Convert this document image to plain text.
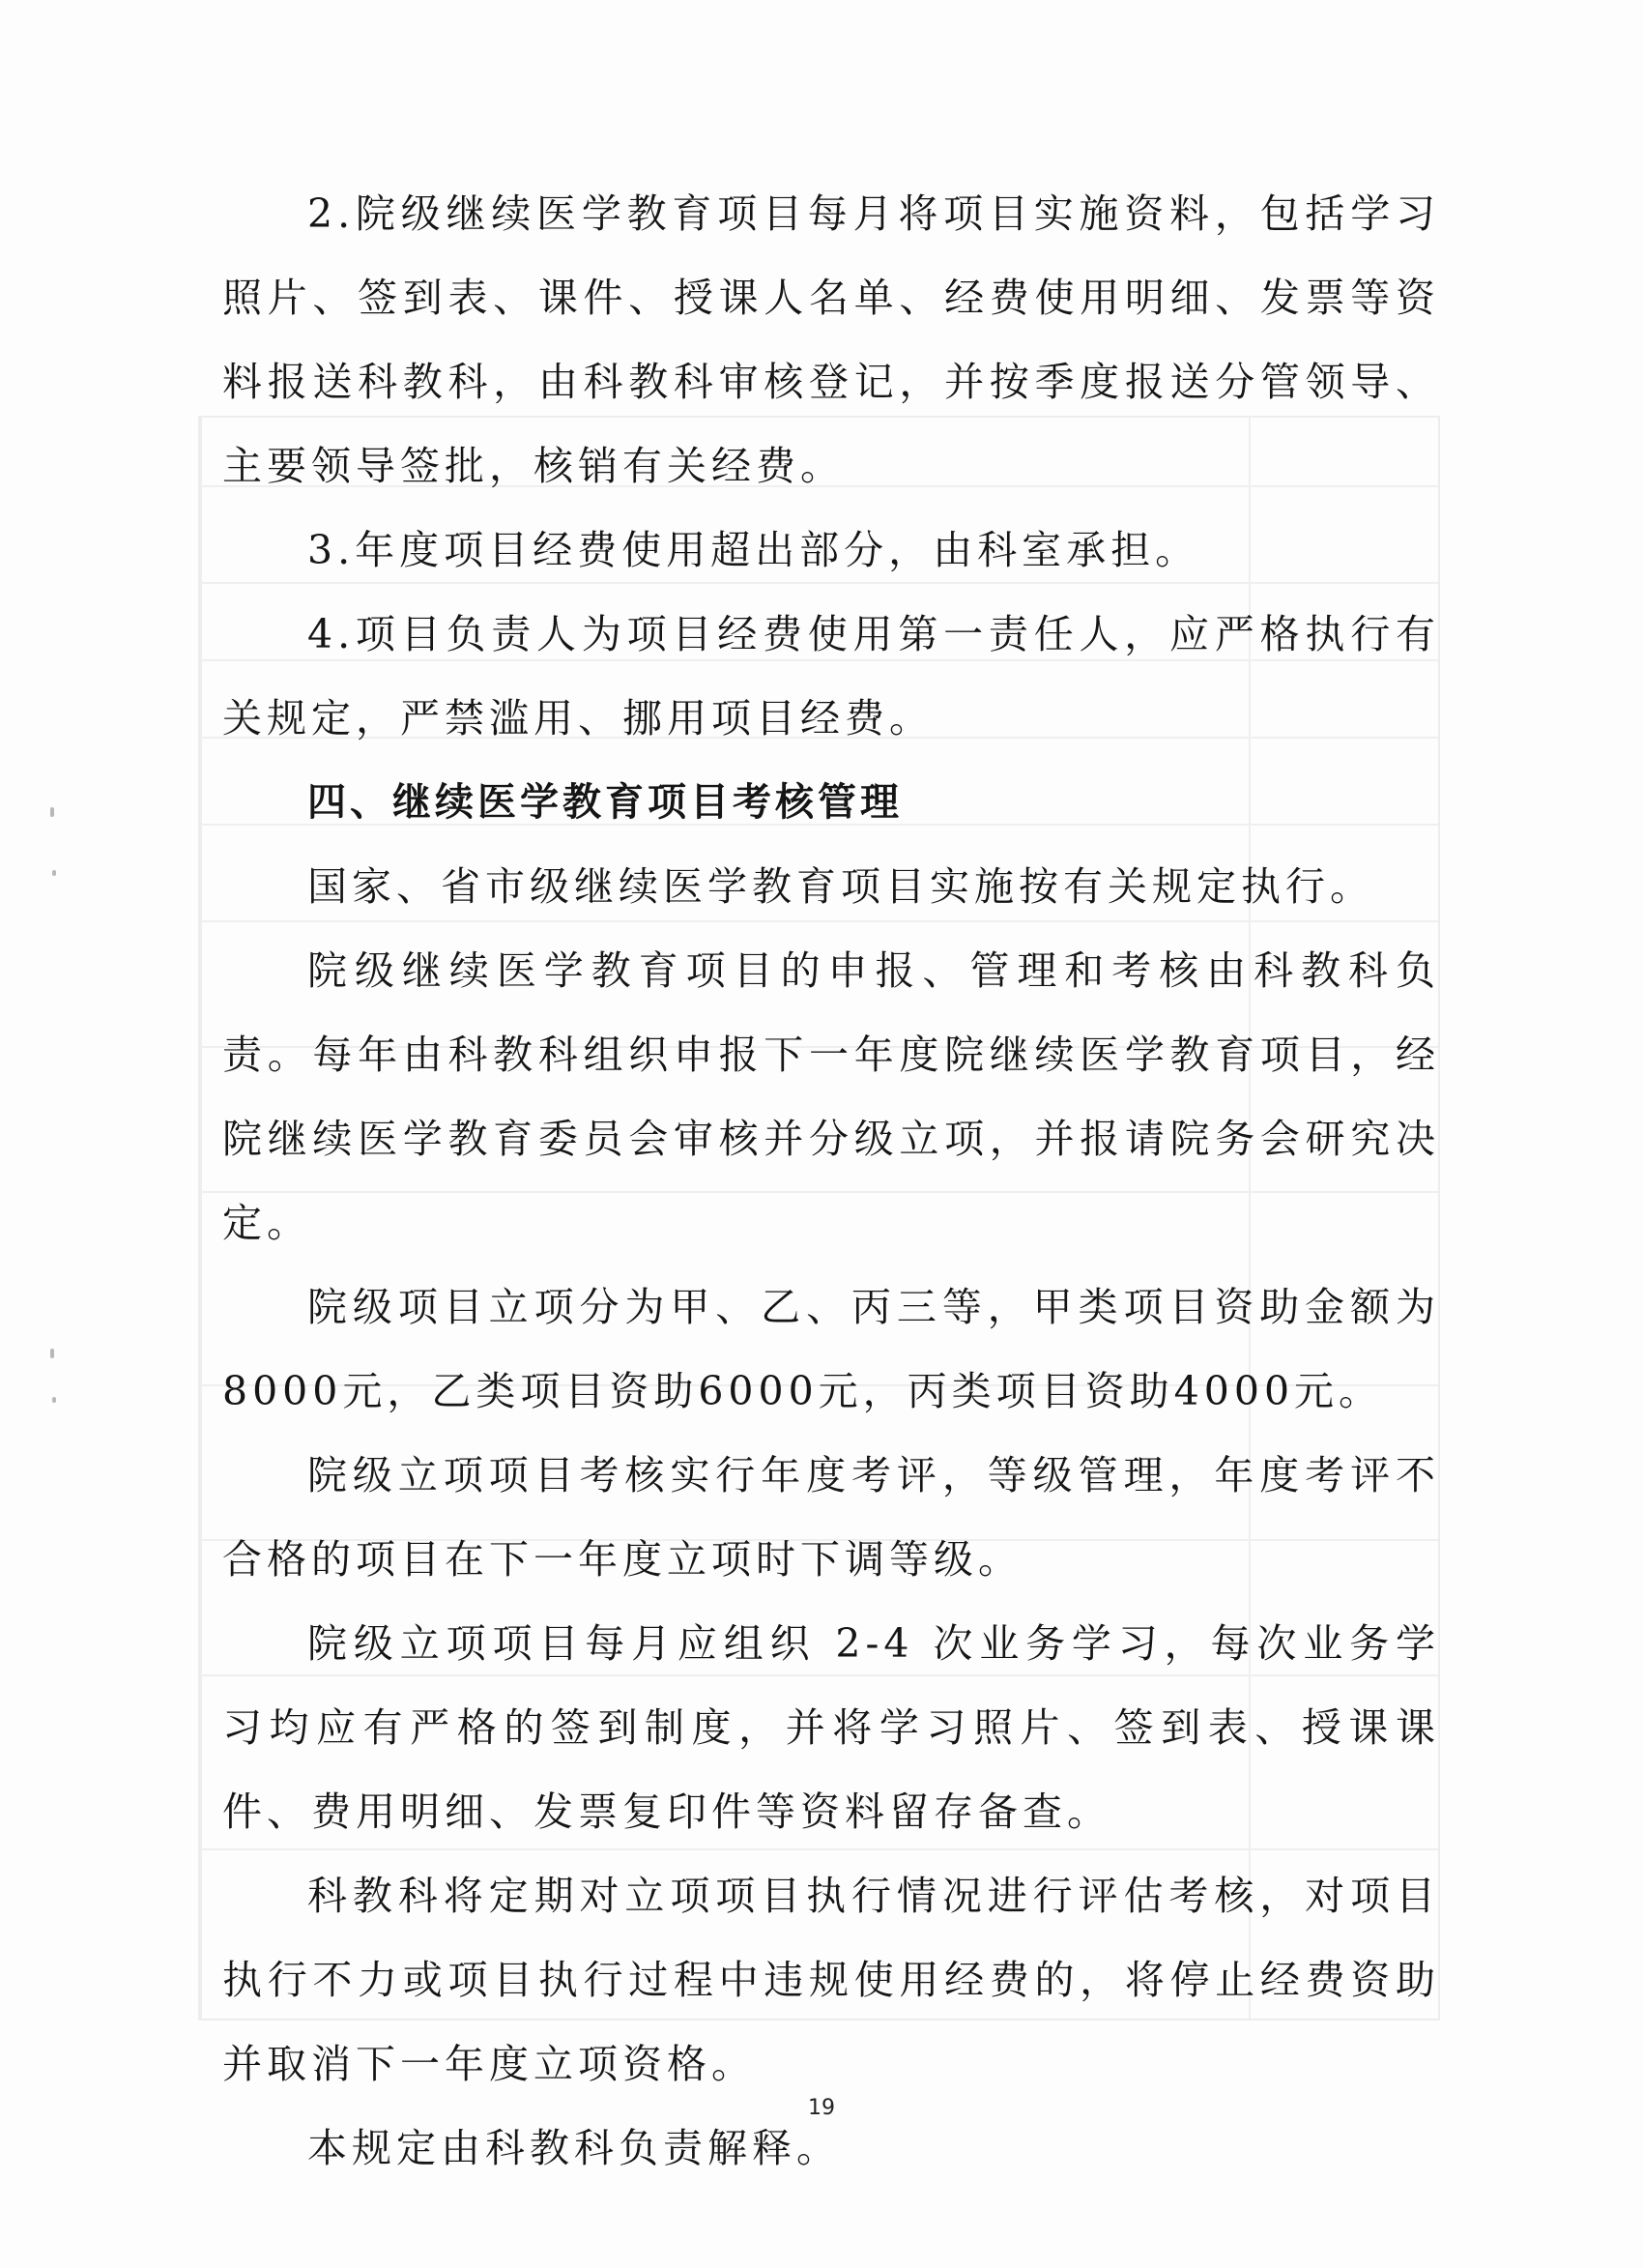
2.院级继续医学教育项目每月将项目实施资料，包括学习照片、签到表、课件、授课人名单、经费使用明细、发票等资料报送科教科，由科教科审核登记，并按季度报送分管领导、主要领导签批，核销有关经费。

3.年度项目经费使用超出部分，由科室承担。

4.项目负责人为项目经费使用第一责任人，应严格执行有关规定，严禁滥用、挪用项目经费。

四、继续医学教育项目考核管理

国家、省市级继续医学教育项目实施按有关规定执行。

院级继续医学教育项目的申报、管理和考核由科教科负责。每年由科教科组织申报下一年度院继续医学教育项目，经院继续医学教育委员会审核并分级立项，并报请院务会研究决定。

院级项目立项分为甲、乙、丙三等，甲类项目资助金额为8000元，乙类项目资助6000元，丙类项目资助4000元。

院级立项项目考核实行年度考评，等级管理，年度考评不合格的项目在下一年度立项时下调等级。

院级立项项目每月应组织 2-4 次业务学习，每次业务学习均应有严格的签到制度，并将学习照片、签到表、授课课件、费用明细、发票复印件等资料留存备查。

科教科将定期对立项项目执行情况进行评估考核，对项目执行不力或项目执行过程中违规使用经费的，将停止经费资助并取消下一年度立项资格。

本规定由科教科负责解释。

19
